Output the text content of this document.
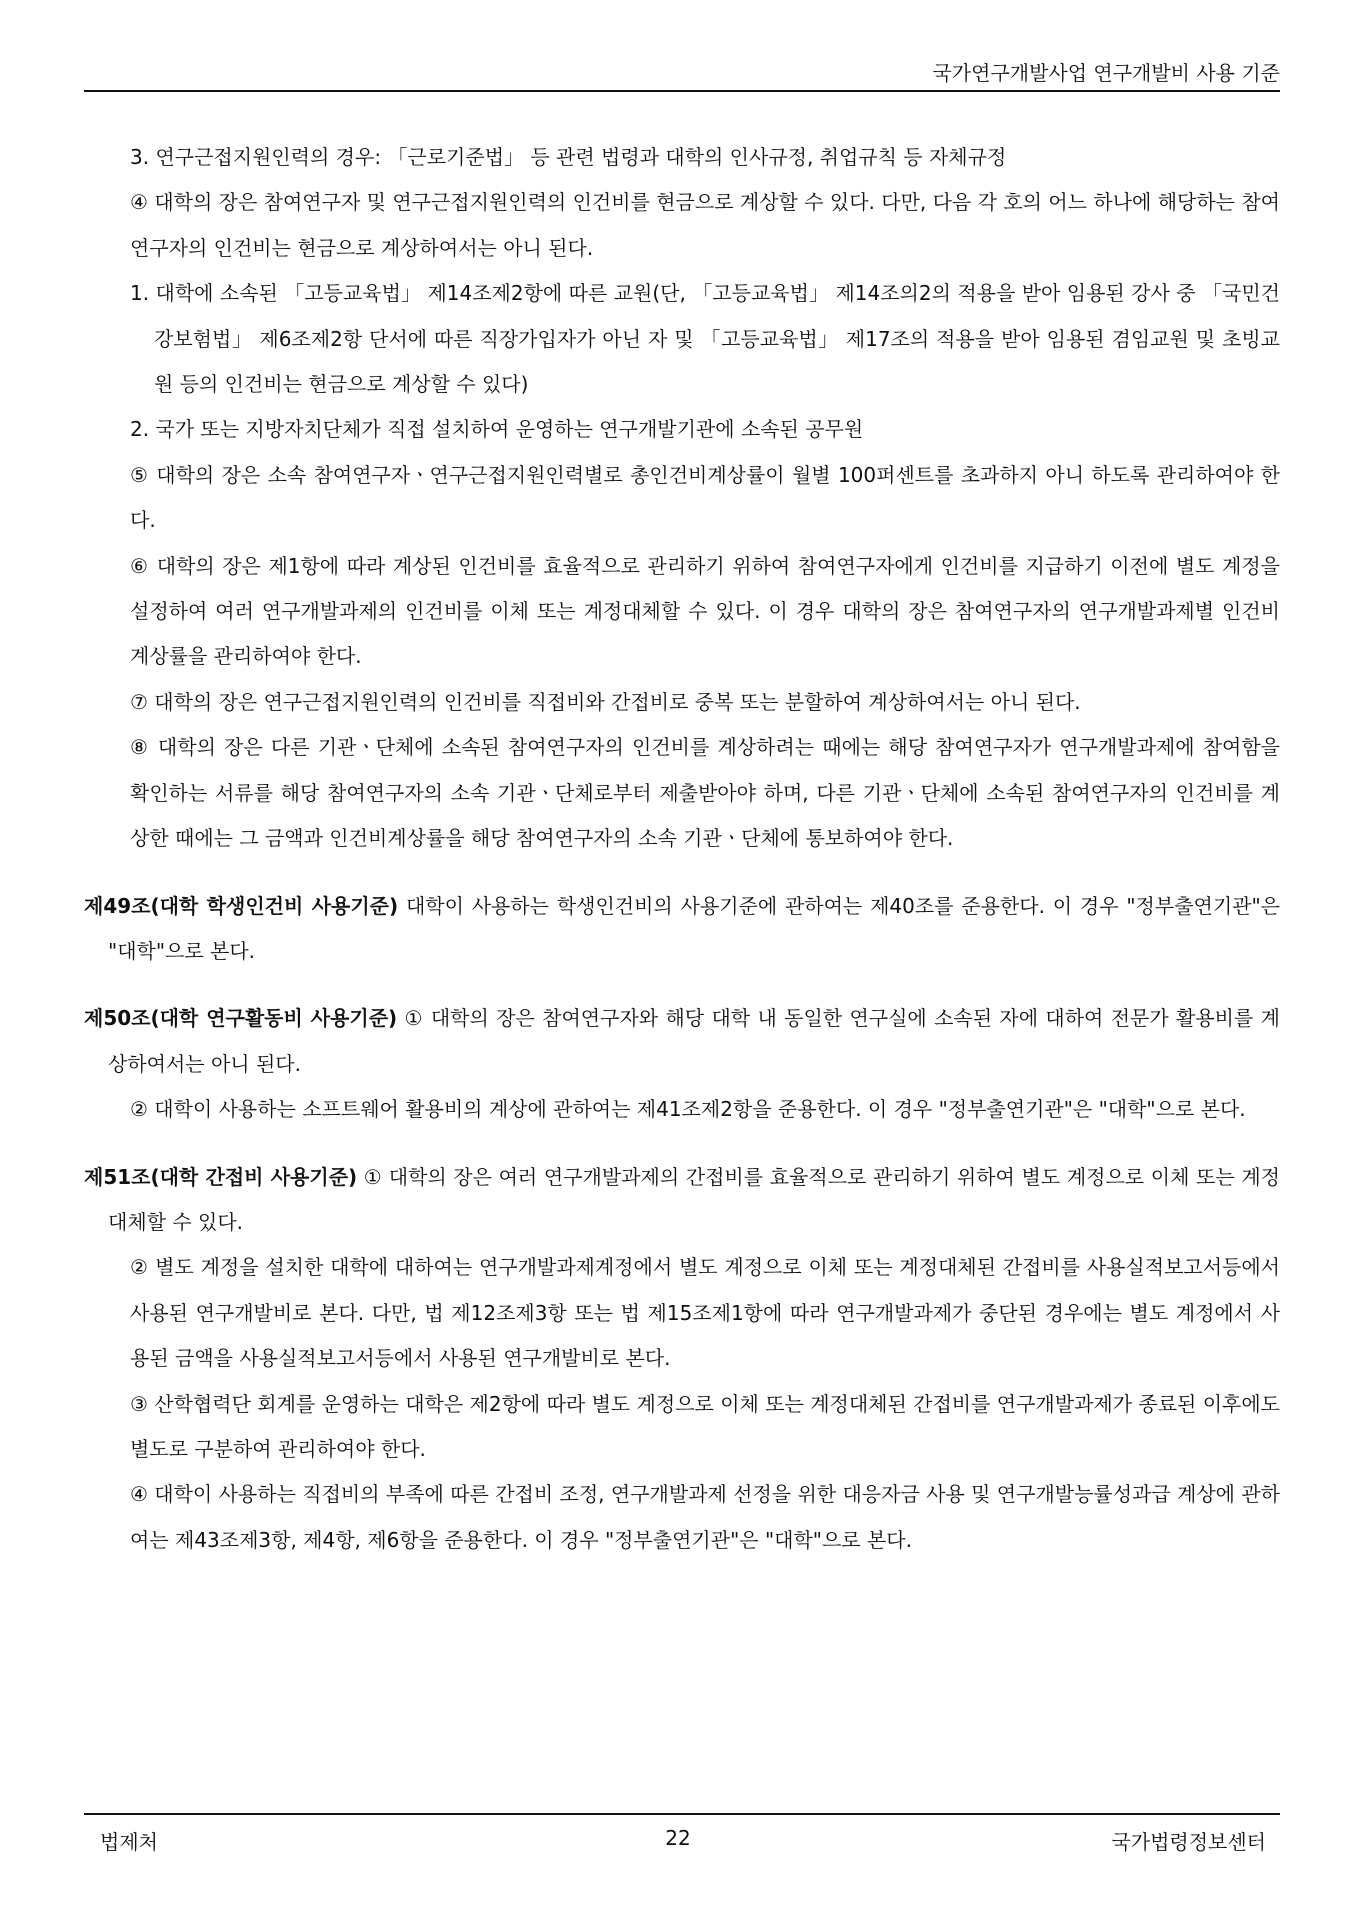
국가연구개발사업 연구개발비 사용 기준

3. 연구근접지원인력의 경우: 「근로기준법」 등 관련 법령과 대학의 인사규정, 취업규칙 등 자체규정

④ 대학의 장은 참여연구자 및 연구근접지원인력의 인건비를 현금으로 계상할 수 있다. 다만, 다음 각 호의 어느 하나에 해당하는 참여연구자의 인건비는 현금으로 계상하여서는 아니 된다.

1. 대학에 소속된 「고등교육법」 제14조제2항에 따른 교원(단, 「고등교육법」 제14조의2의 적용을 받아 임용된 강사 중 「국민건강보험법」 제6조제2항 단서에 따른 직장가입자가 아닌 자 및 「고등교육법」 제17조의 적용을 받아 임용된 겸임교원 및 초빙교원 등의 인건비는 현금으로 계상할 수 있다)

2. 국가 또는 지방자치단체가 직접 설치하여 운영하는 연구개발기관에 소속된 공무원

⑤ 대학의 장은 소속 참여연구자ㆍ연구근접지원인력별로 총인건비계상률이 월별 100퍼센트를 초과하지 아니 하도록 관리하여야 한다.

⑥ 대학의 장은 제1항에 따라 계상된 인건비를 효율적으로 관리하기 위하여 참여연구자에게 인건비를 지급하기 이전에 별도 계정을 설정하여 여러 연구개발과제의 인건비를 이체 또는 계정대체할 수 있다. 이 경우 대학의 장은 참여연구자의 연구개발과제별 인건비 계상률을 관리하여야 한다.

⑦ 대학의 장은 연구근접지원인력의 인건비를 직접비와 간접비로 중복 또는 분할하여 계상하여서는 아니 된다.

⑧ 대학의 장은 다른 기관ㆍ단체에 소속된 참여연구자의 인건비를 계상하려는 때에는 해당 참여연구자가 연구개발과제에 참여함을 확인하는 서류를 해당 참여연구자의 소속 기관ㆍ단체로부터 제출받아야 하며, 다른 기관ㆍ단체에 소속된 참여연구자의 인건비를 계상한 때에는 그 금액과 인건비계상률을 해당 참여연구자의 소속 기관ㆍ단체에 통보하여야 한다.

제49조(대학 학생인건비 사용기준) 대학이 사용하는 학생인건비의 사용기준에 관하여는 제40조를 준용한다. 이 경우 "정부출연기관"은 "대학"으로 본다.

제50조(대학 연구활동비 사용기준) ① 대학의 장은 참여연구자와 해당 대학 내 동일한 연구실에 소속된 자에 대하여 전문가 활용비를 계상하여서는 아니 된다.

② 대학이 사용하는 소프트웨어 활용비의 계상에 관하여는 제41조제2항을 준용한다. 이 경우 "정부출연기관"은 "대학"으로 본다.

제51조(대학 간접비 사용기준) ① 대학의 장은 여러 연구개발과제의 간접비를 효율적으로 관리하기 위하여 별도 계정으로 이체 또는 계정대체할 수 있다.

② 별도 계정을 설치한 대학에 대하여는 연구개발과제계정에서 별도 계정으로 이체 또는 계정대체된 간접비를 사용실적보고서등에서 사용된 연구개발비로 본다. 다만, 법 제12조제3항 또는 법 제15조제1항에 따라 연구개발과제가 중단된 경우에는 별도 계정에서 사용된 금액을 사용실적보고서등에서 사용된 연구개발비로 본다.

③ 산학협력단 회계를 운영하는 대학은 제2항에 따라 별도 계정으로 이체 또는 계정대체된 간접비를 연구개발과제가 종료된 이후에도 별도로 구분하여 관리하여야 한다.

④ 대학이 사용하는 직접비의 부족에 따른 간접비 조정, 연구개발과제 선정을 위한 대응자금 사용 및 연구개발능률성과급 계상에 관하여는 제43조제3항, 제4항, 제6항을 준용한다. 이 경우 "정부출연기관"은 "대학"으로 본다.

법제처	22	국가법령정보센터
